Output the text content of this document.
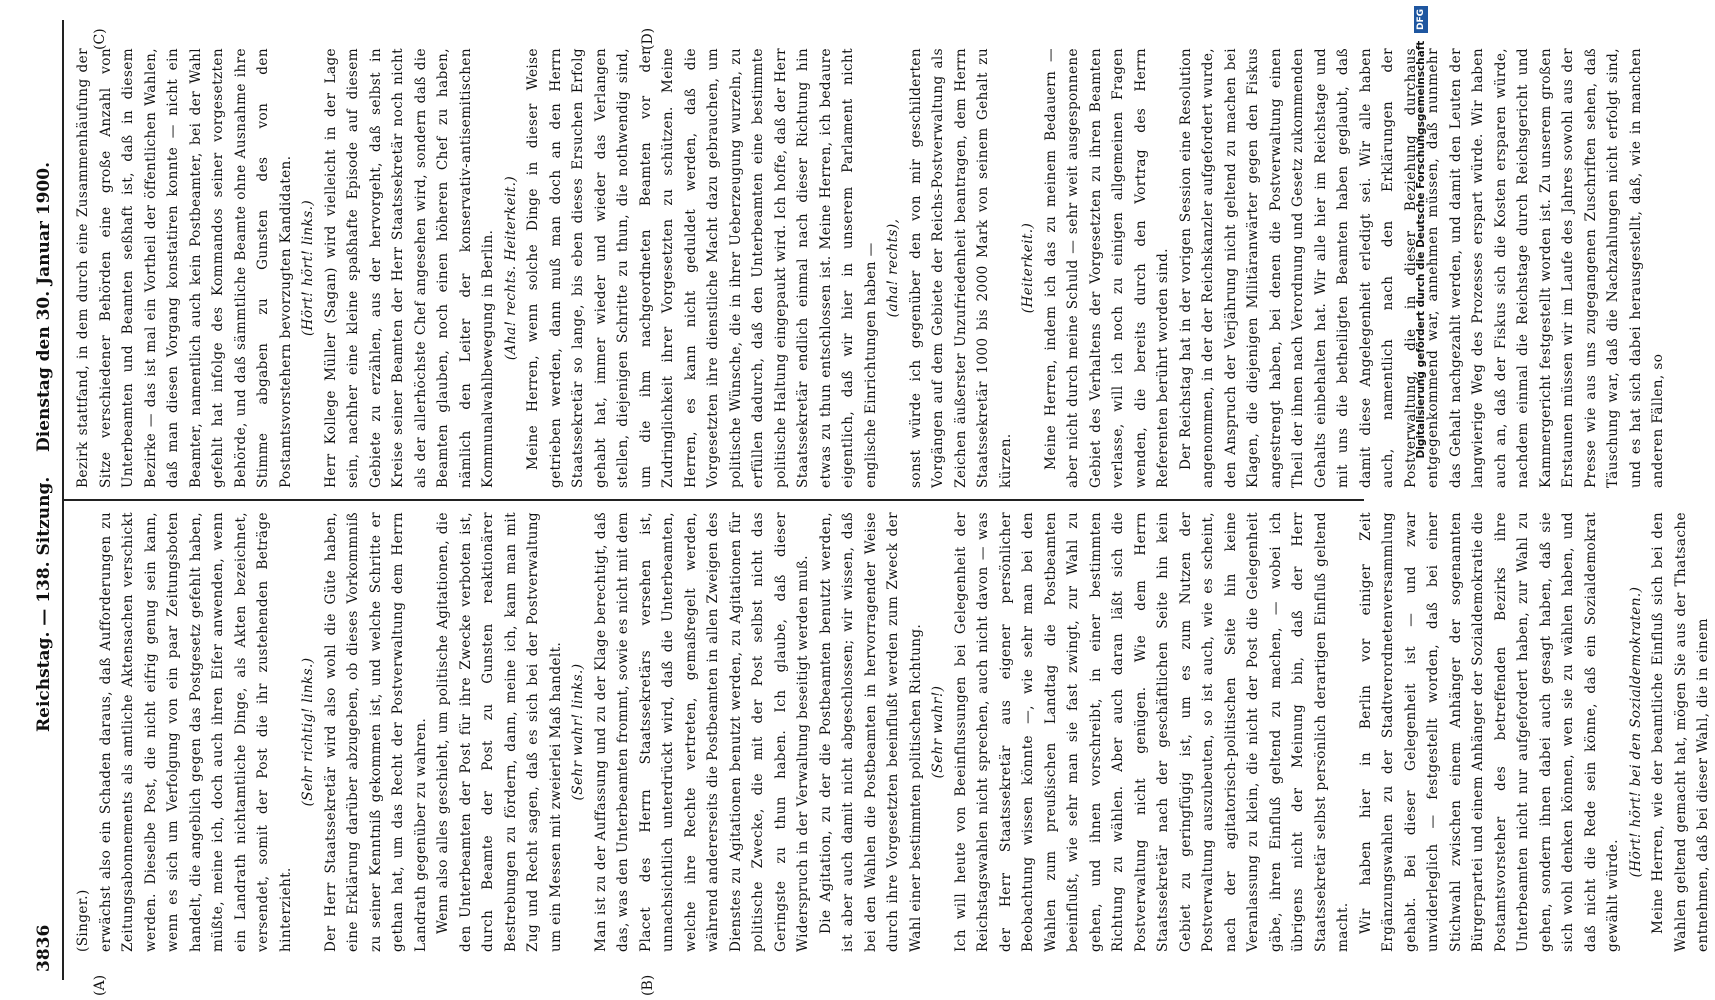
3836
Reichstag. — 138. Sitzung.
Dienstag den 30. Januar 1900.
(A)	(B)
(C)	(D)

(Singer.) erwächst also ein Schaden daraus, daß Aufforderungen zu Zeitungsabonnements als amtliche Aktensachen verschickt werden. Dieselbe Post, die nicht eifrig genug sein kann, wenn es sich um Verfolgung von ein paar Zeitungsboten handelt, die angeblich gegen das Postgesetz gefehlt haben, müßte, meine ich, doch auch ihren Eifer anwenden, wenn ein Landrath nichtamtliche Dinge, als Akten bezeichnet, versendet, somit der Post die ihr zustehenden Beträge hinterzieht.

(Sehr richtig! links.) Der Herr Staatssekretär wird also wohl die Güte haben, eine Erklärung darüber abzugeben, ob dieses Vorkommniß zu seiner Kenntniß gekommen ist, und welche Schritte er gethan hat, um das Recht der Postverwaltung dem Herrn Landrath gegenüber zu wahren. Wenn also alles geschieht, um politische Agitationen, die den Unterbeamten der Post für ihre Zwecke verboten ist, durch Beamte der Post zu Gunsten reaktionärer Bestrebungen zu fördern, dann, meine ich, kann man mit Zug und Recht sagen, daß es sich bei der Postverwaltung um ein Messen mit zweierlei Maß handelt. (Sehr wahr! links.) Man ist zu der Auffassung und zu der Klage berechtigt, daß das, was den Unterbeamten frommt, sowie es nicht mit dem Placet des Herrn Staatssekretärs versehen ist, unnachsichtlich unterdrückt wird, daß die Unterbeamten, welche ihre Rechte vertreten, gemaßregelt werden, während andererseits die Postbeamten in allen Zweigen des Dienstes zu Agitationen benutzt werden, zu Agitationen für politische Zwecke, die mit der Post selbst nicht das Geringste zu thun haben. Ich glaube, daß dieser Widerspruch in der Verwaltung beseitigt werden muß. Die Agitation, zu der die Postbeamten benutzt werden, ist aber auch damit nicht abgeschlossen; wir wissen, daß bei den Wahlen die Postbeamten in hervorragender Weise durch ihre Vorgesetzten beeinflußt werden zum Zweck der Wahl einer bestimmten politischen Richtung. (Sehr wahr!) Ich will heute von Beeinflussungen bei Gelegenheit der Reichstagswahlen nicht sprechen, auch nicht davon — was der Herr Staatssekretär aus eigener persönlicher Beobachtung wissen könnte —, wie sehr man bei den Wahlen zum preußischen Landtag die Postbeamten beeinflußt, wie sehr man sie fast zwingt, zur Wahl zu gehen, und ihnen vorschreibt, in einer bestimmten Richtung zu wählen. Aber auch daran läßt sich die Postverwaltung nicht genügen. Wie dem Herrn Staatssekretär nach der geschäftlichen Seite hin kein Gebiet zu geringfügig ist, um es zum Nutzen der Postverwaltung auszubeuten, so ist auch, wie es scheint, nach der agitatorisch-politischen Seite hin keine Veranlassung zu klein, die nicht der Post die Gelegenheit gäbe, ihren Einfluß geltend zu machen, — wobei ich übrigens nicht der Meinung bin, daß der Herr Staatssekretär selbst persönlich derartigen Einfluß geltend macht. Wir haben hier in Berlin vor einiger Zeit Ergänzungswahlen zu der Stadtverordnetenversammlung gehabt. Bei dieser Gelegenheit ist — und zwar unwiderleglich — festgestellt worden, daß bei einer Stichwahl zwischen einem Anhänger der sogenannten Bürgerpartei und einem Anhänger der Sozialdemokratie die Postamtsvorsteher des betreffenden Bezirks ihre Unterbeamten nicht nur aufgefordert haben, zur Wahl zu gehen, sondern ihnen dabei auch gesagt haben, daß sie sich wohl denken können, wen sie zu wählen haben, und daß nicht die Rede sein könne, daß ein Sozialdemokrat gewählt würde.

(Hört! hört! bei den Sozialdemokraten.) Meine Herren, wie der beamtliche Einfluß sich bei den Wahlen geltend gemacht hat, mögen Sie aus der Thatsache entnehmen, daß bei dieser Wahl, die in einem

Bezirk stattfand, in dem durch eine Zusammenhäufung der Sitze verschiedener Behörden eine große Anzahl von Unterbeamten und Beamten seßhaft ist, daß in diesem Bezirke — das ist mal ein Vortheil der öffentlichen Wahlen, daß man diesen Vorgang konstatiren konnte — nicht ein Beamter, namentlich auch kein Postbeamter, bei der Wahl gefehlt hat infolge des Kommandos seiner vorgesetzten Behörde, und daß sämmtliche Beamte ohne Ausnahme ihre Stimme abgaben zu Gunsten des von den Postamtsvorstehern bevorzugten Kandidaten. (Hört! hört! links.) Herr Kollege Müller (Sagan) wird vielleicht in der Lage sein, nachher eine kleine spaßhafte Episode auf diesem Gebiete zu erzählen, aus der hervorgeht, daß selbst in Kreise seiner Beamten der Herr Staatssekretär noch nicht als der allerhöchste Chef angesehen wird, sondern daß die Beamten glauben, noch einen höheren Chef zu haben, nämlich den Leiter der konservativ-antisemitischen Kommunalwahlbewegung in Berlin. (Aha! rechts. Heiterkeit.) Meine Herren, wenn solche Dinge in dieser Weise getrieben werden, dann muß man doch an den Herrn Staatssekretär so lange, bis eben dieses Ersuchen Erfolg gehabt hat, immer wieder und wieder das Verlangen stellen, diejenigen Schritte zu thun, die nothwendig sind, um die ihm nachgeordneten Beamten vor der Zudringlichkeit ihrer Vorgesetzten zu schützen. Meine Herren, es kann nicht geduldet werden, daß die Vorgesetzten ihre dienstliche Macht dazu gebrauchen, um politische Wünsche, die in ihrer Ueberzeugung wurzeln, zu erfüllen dadurch, daß den Unterbeamten eine bestimmte politische Haltung eingepaukt wird. Ich hoffe, daß der Herr Staatssekretär endlich einmal nach dieser Richtung hin etwas zu thun entschlossen ist. Meine Herren, ich bedaure eigentlich, daß wir hier in unserem Parlament nicht englische Einrichtungen haben — (aha! rechts), sonst würde ich gegenüber den von mir geschilderten Vorgängen auf dem Gebiete der Reichs-Postverwaltung als Zeichen äußerster Unzufriedenheit beantragen, dem Herrn Staatssekretär 1000 bis 2000 Mark von seinem Gehalt zu kürzen.

(Heiterkeit.) Meine Herren, indem ich das zu meinem Bedauern — aber nicht durch meine Schuld — sehr weit ausgesponnene Gebiet des Verhaltens der Vorgesetzten zu ihren Beamten verlasse, will ich noch zu einigen allgemeinen Fragen wenden, die bereits durch den Vortrag des Herrn Referenten berührt worden sind. Der Reichstag hat in der vorigen Session eine Resolution angenommen, in der der Reichskanzler aufgefordert wurde, den Anspruch der Verjährung nicht geltend zu machen bei Klagen, die diejenigen Militäranwärter gegen den Fiskus angestrengt haben, bei denen die Postverwaltung einen Theil der ihnen nach Verordnung und Gesetz zukommenden Gehalts einbehalten hat. Wir alle hier im Reichstage und mit uns die betheiligten Beamten haben geglaubt, daß damit diese Angelegenheit erledigt sei. Wir alle haben auch, namentlich nach den Erklärungen der Postverwaltung, die in dieser Beziehung durchaus entgegenkommend war, annehmen müssen, daß nunmehr das Gehalt nachgezahlt werden, und damit den Leuten der langwierige Weg des Prozesses erspart würde. Wir haben auch an, daß der Fiskus sich die Kosten ersparen würde, nachdem einmal die Reichstage durch Reichsgericht und Kammergericht festgestellt worden ist. Zu unserem großen Erstaunen müssen wir im Laufe des Jahres sowohl aus der Presse wie aus uns zugegangenen Zuschriften sehen, daß Täuschung war, daß die Nachzahlungen nicht erfolgt sind, und es hat sich dabei herausgestellt, daß, wie in manchen anderen Fällen, so

Digitalisierung gefördert durch die Deutsche Forschungsgemeinschaft DFG
